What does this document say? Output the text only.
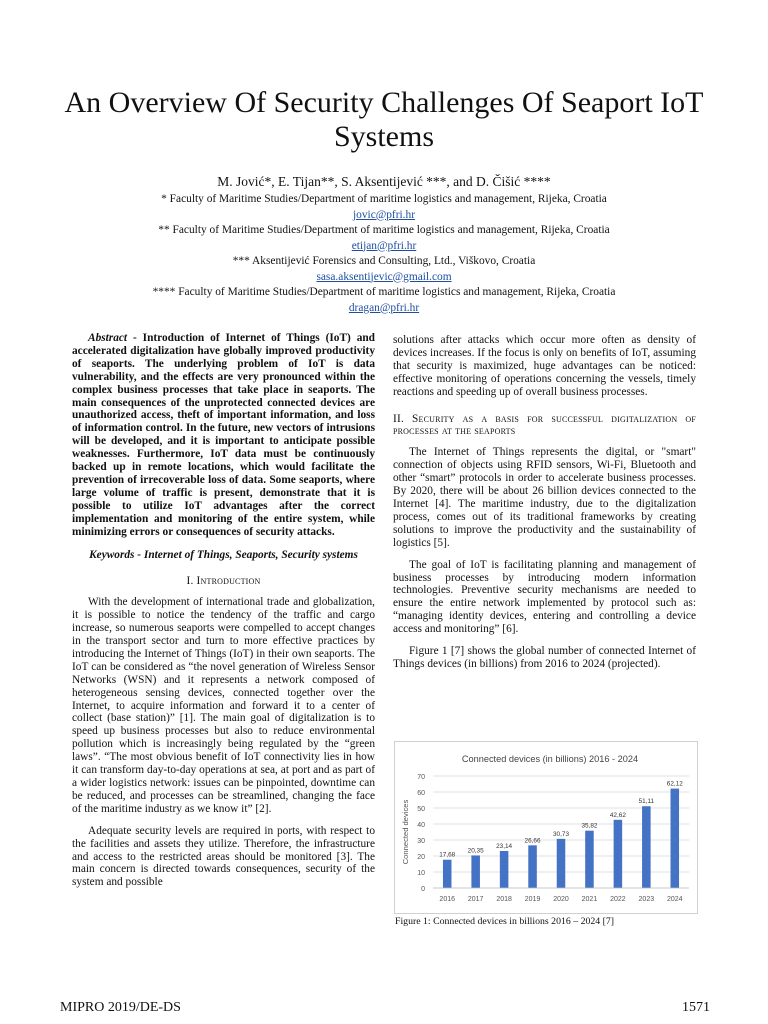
An Overview Of Security Challenges Of Seaport IoT Systems
M. Jović*, E. Tijan**, S. Aksentijević ***, and D. Čišić ****
* Faculty of Maritime Studies/Department of maritime logistics and management, Rijeka, Croatia
jovic@pfri.hr
** Faculty of Maritime Studies/Department of maritime logistics and management, Rijeka, Croatia
etijan@pfri.hr
*** Aksentijević Forensics and Consulting, Ltd., Viškovo, Croatia
sasa.aksentijevic@gmail.com
**** Faculty of Maritime Studies/Department of maritime logistics and management, Rijeka, Croatia
dragan@pfri.hr

Abstract - Introduction of Internet of Things (IoT) and accelerated digitalization have globally improved productivity of seaports. The underlying problem of IoT is data vulnerability, and the effects are very pronounced within the complex business processes that take place in seaports. The main consequences of the unprotected connected devices are unauthorized access, theft of important information, and loss of information control. In the future, new vectors of intrusions will be developed, and it is important to anticipate possible weaknesses. Furthermore, IoT data must be continuously backed up in remote locations, which would facilitate the prevention of irrecoverable loss of data. Some seaports, where large volume of traffic is present, demonstrate that it is possible to utilize IoT advantages after the correct implementation and monitoring of the entire system, while minimizing errors or consequences of security attacks.

Keywords - Internet of Things, Seaports, Security systems

I. Introduction

With the development of international trade and globalization, it is possible to notice the tendency of the traffic and cargo increase, so numerous seaports were compelled to accept changes in the transport sector and turn to more effective practices by introducing the Internet of Things (IoT) in their own seaports. The IoT can be considered as “the novel generation of Wireless Sensor Networks (WSN) and it represents a network composed of heterogeneous sensing devices, connected together over the Internet, to acquire information and forward it to a center of collect (base station)” [1]. The main goal of digitalization is to speed up business processes but also to reduce environmental pollution which is increasingly being regulated by the “green laws”. “The most obvious benefit of IoT connectivity lies in how it can transform day-to-day operations at sea, at port and as part of a wider logistics network: issues can be pinpointed, downtime can be reduced, and processes can be streamlined, changing the face of the maritime industry as we know it” [2].

Adequate security levels are required in ports, with respect to the facilities and assets they utilize. Therefore, the infrastructure and access to the restricted areas should be monitored [3]. The main concern is directed towards consequences, security of the system and possible

solutions after attacks which occur more often as density of devices increases. If the focus is only on benefits of IoT, assuming that security is maximized, huge advantages can be noticed: effective monitoring of operations concerning the vessels, timely reactions and speeding up of overall business processes.

II. Security as a basis for successful digitalization of processes at the seaports

The Internet of Things represents the digital, or "smart" connection of objects using RFID sensors, Wi-Fi, Bluetooth and other “smart” protocols in order to accelerate business processes. By 2020, there will be about 26 billion devices connected to the Internet [4]. The maritime industry, due to the digitalization process, comes out of its traditional frameworks by creating solutions to improve the productivity and the sustainability of logistics [5].

The goal of IoT is facilitating planning and management of business processes by introducing modern information technologies. Preventive security mechanisms are needed to ensure the entire network implemented by protocol such as: “managing identity devices, entering and controlling a device access and monitoring” [6].

Figure 1 [7] shows the global number of connected Internet of Things devices (in billions) from 2016 to 2024 (projected).

Connected devices (in billions) 2016 - 2024
0
10
20
30
40
50
60
70
Connected devices	17,68
2016
20,35
2017
23,14
2018
26,66
2019
30,73
2020
35,82
2021
42,62
2022
51,11
2023
62,12
2024
Figure 1: Connected devices in billions 2016 – 2024 [7]
MIPRO 2019/DE-DS	1571
